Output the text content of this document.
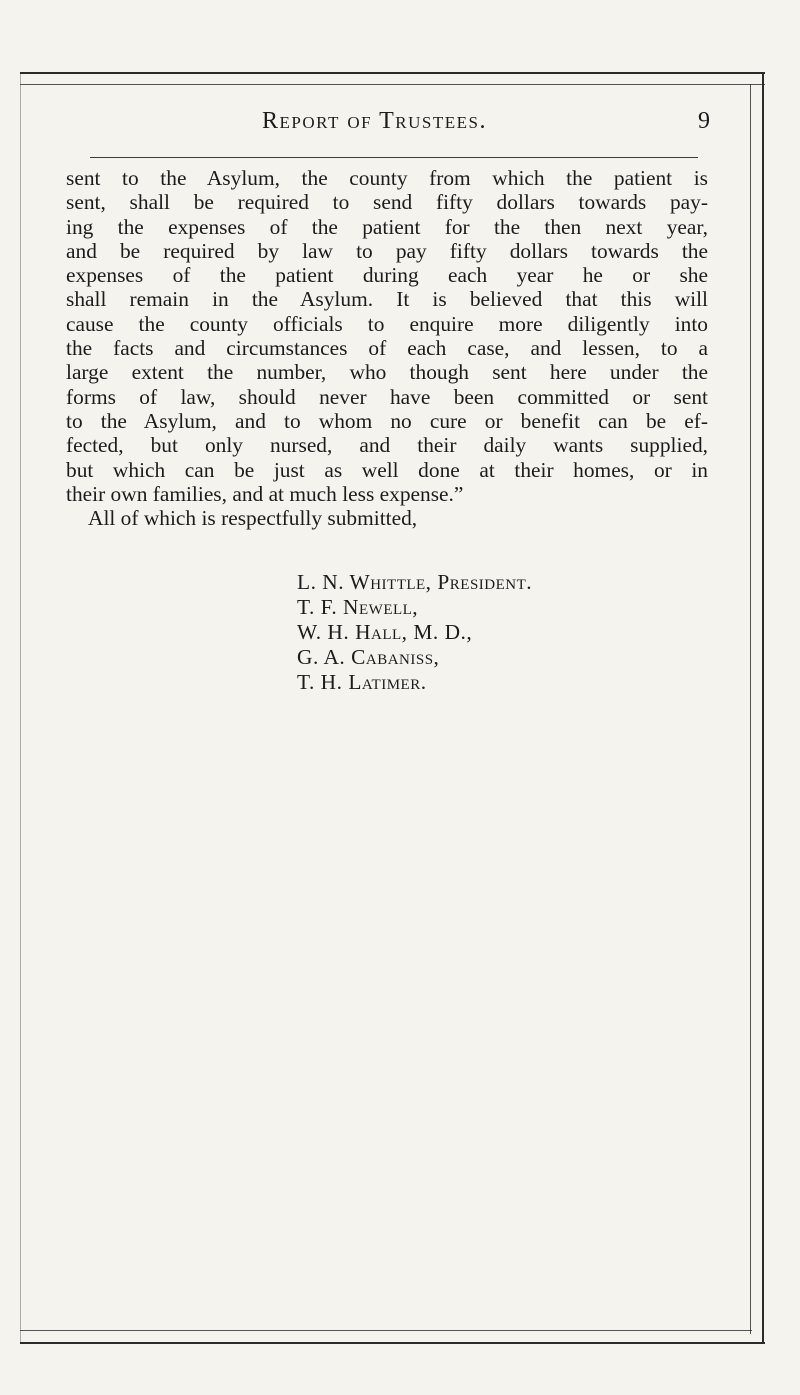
Report of Trustees.	9
sent to the Asylum, the county from which the patient is
sent, shall be required to send fifty dollars towards pay-
ing the expenses of the patient for the then next year,
and be required by law to pay fifty dollars towards the
expenses of the patient during each year he or she
shall remain in the Asylum. It is believed that this will
cause the county officials to enquire more diligently into
the facts and circumstances of each case, and lessen, to a
large extent the number, who though sent here under the
forms of law, should never have been committed or sent
to the Asylum, and to whom no cure or benefit can be ef-
fected, but only nursed, and their daily wants supplied,
but which can be just as well done at their homes, or in
their own families, and at much less expense.”
All of which is respectfully submitted,
L. N. Whittle, President.
T. F. Newell,
W. H. Hall, M. D.,
G. A. Cabaniss,
T. H. Latimer.
